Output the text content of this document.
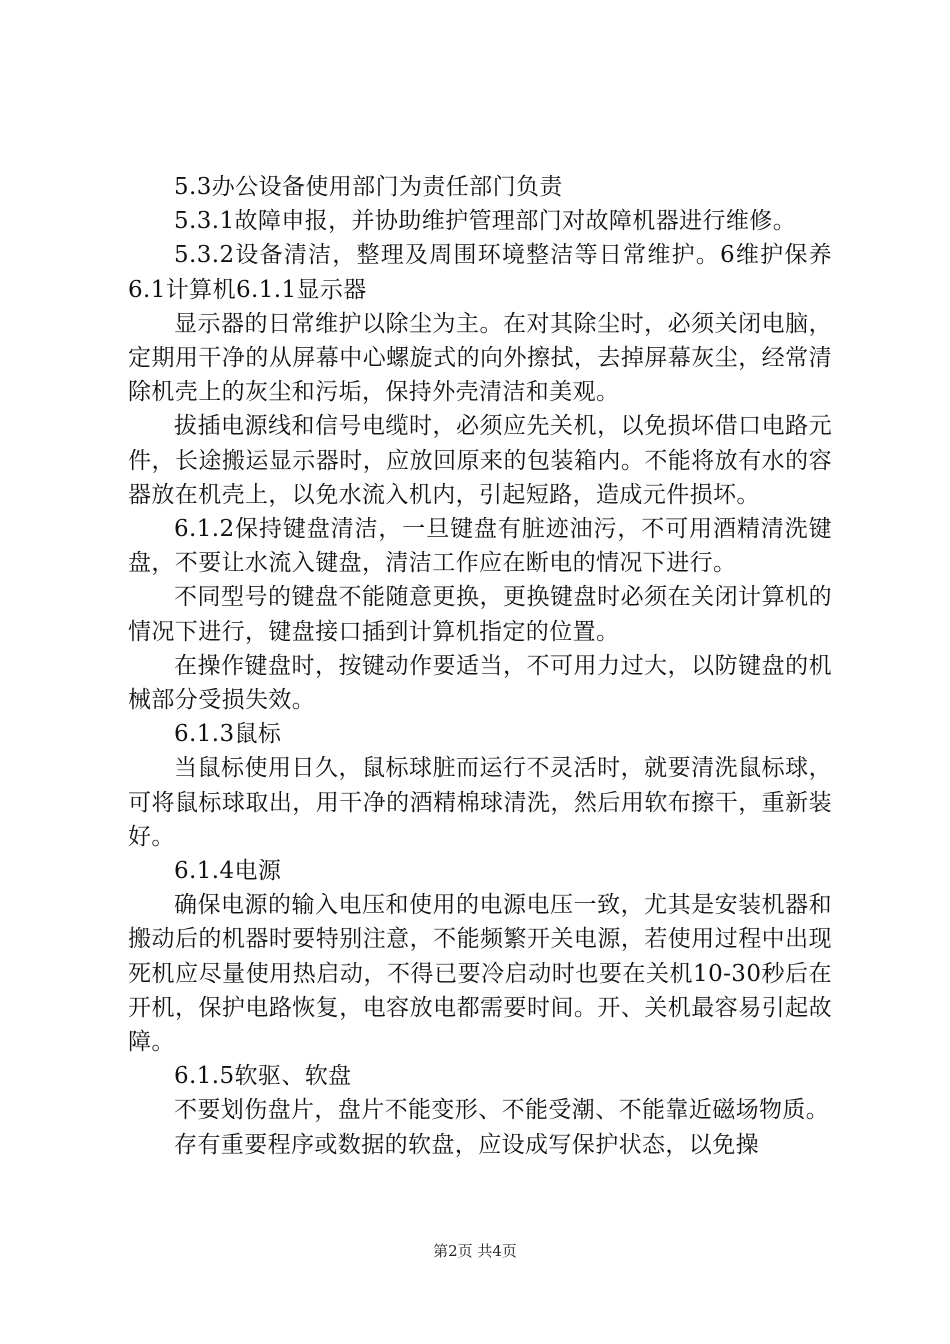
5.3办公设备使用部门为责任部门负责

5.3.1故障申报，并协助维护管理部门对故障机器进行维修。

5.3.2设备清洁，整理及周围环境整洁等日常维护。6维护保养6.1计算机6.1.1显示器

显示器的日常维护以除尘为主。在对其除尘时，必须关闭电脑，定期用干净的从屏幕中心螺旋式的向外擦拭，去掉屏幕灰尘，经常清除机壳上的灰尘和污垢，保持外壳清洁和美观。

拔插电源线和信号电缆时，必须应先关机，以免损坏借口电路元件，长途搬运显示器时，应放回原来的包装箱内。不能将放有水的容器放在机壳上，以免水流入机内，引起短路，造成元件损坏。

6.1.2保持键盘清洁，一旦键盘有脏迹油污，不可用酒精清洗键盘，不要让水流入键盘，清洁工作应在断电的情况下进行。

不同型号的键盘不能随意更换，更换键盘时必须在关闭计算机的情况下进行，键盘接口插到计算机指定的位置。

在操作键盘时，按键动作要适当，不可用力过大，以防键盘的机械部分受损失效。

6.1.3鼠标

当鼠标使用日久，鼠标球脏而运行不灵活时，就要清洗鼠标球，可将鼠标球取出，用干净的酒精棉球清洗，然后用软布擦干，重新装好。

6.1.4电源

确保电源的输入电压和使用的电源电压一致，尤其是安装机器和搬动后的机器时要特别注意，不能频繁开关电源，若使用过程中出现死机应尽量使用热启动，不得已要冷启动时也要在关机10-30秒后在开机，保护电路恢复，电容放电都需要时间。开、关机最容易引起故障。

6.1.5软驱、软盘

不要划伤盘片，盘片不能变形、不能受潮、不能靠近磁场物质。

存有重要程序或数据的软盘，应设成写保护状态，以免操

第2页 共4页
